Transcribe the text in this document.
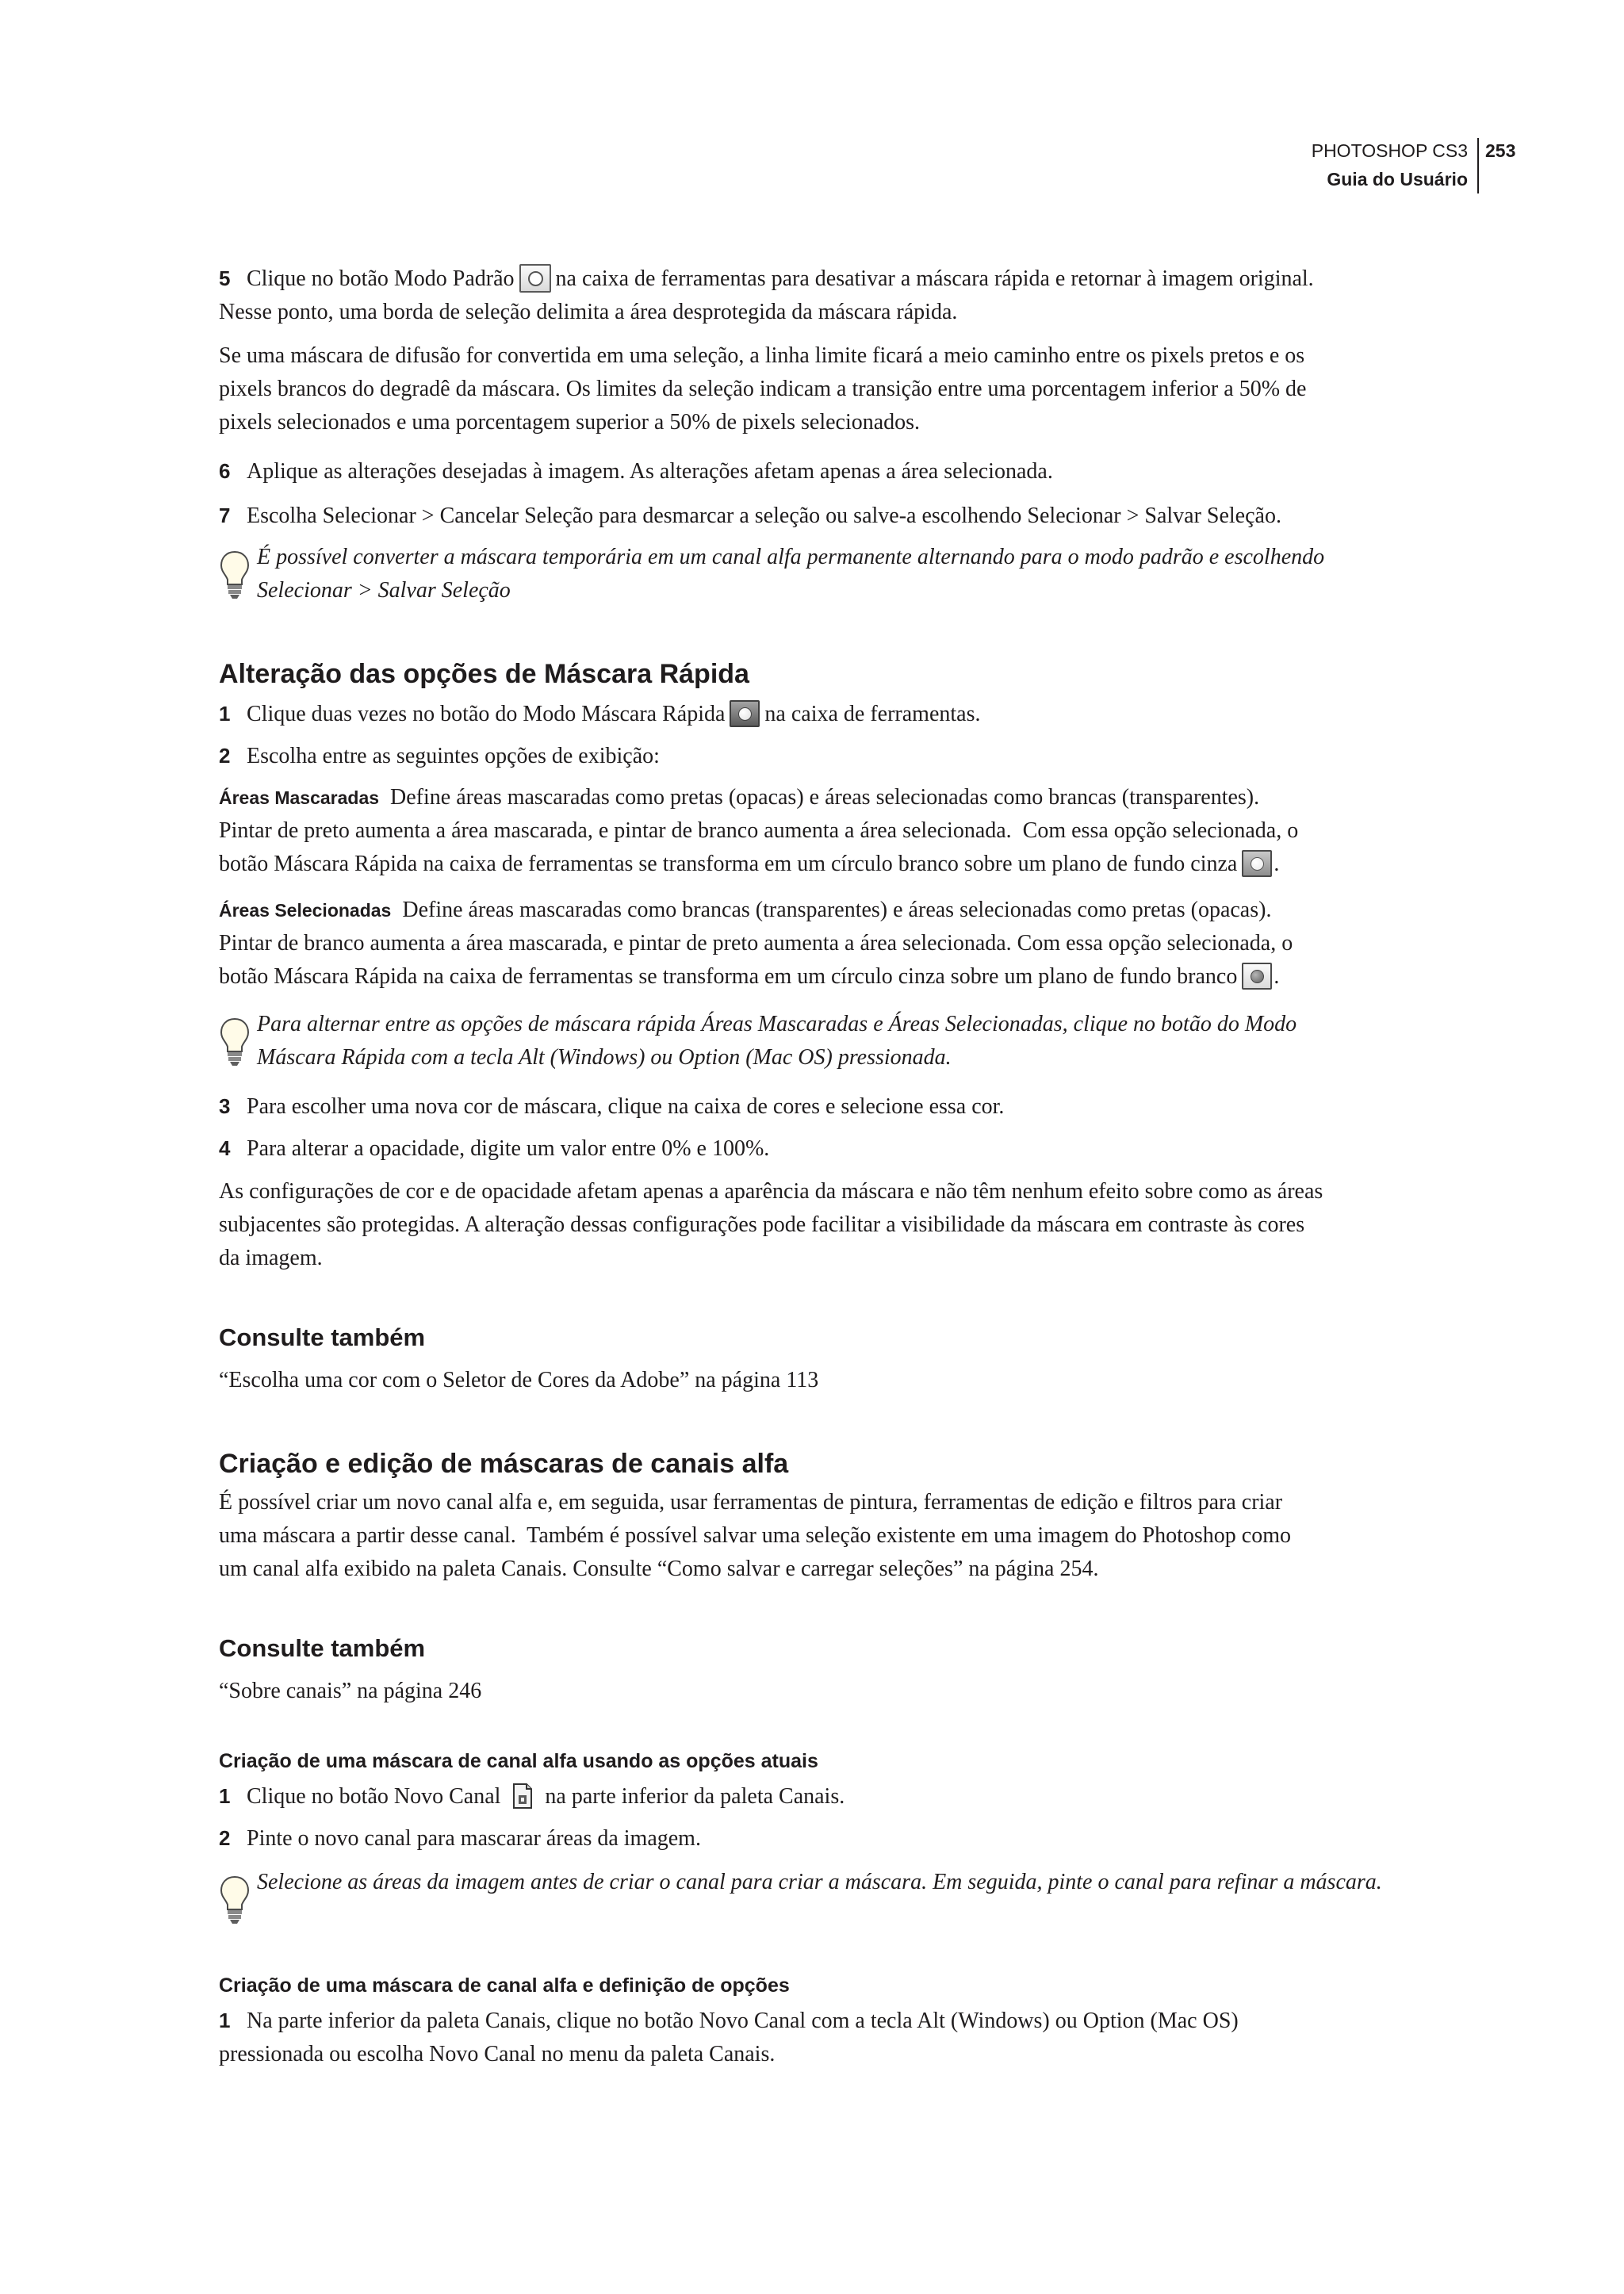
PHOTOSHOP CS3
Guia do Usuário
253
5 Clique no botão Modo Padrão na caixa de ferramentas para desativar a máscara rápida e retornar à imagem original.
Nesse ponto, uma borda de seleção delimita a área desprotegida da máscara rápida.
Se uma máscara de difusão for convertida em uma seleção, a linha limite ficará a meio caminho entre os pixels pretos e os
pixels brancos do degradê da máscara. Os limites da seleção indicam a transição entre uma porcentagem inferior a 50% de
pixels selecionados e uma porcentagem superior a 50% de pixels selecionados.
6 Aplique as alterações desejadas à imagem. As alterações afetam apenas a área selecionada.
7 Escolha Selecionar > Cancelar Seleção para desmarcar a seleção ou salve-a escolhendo Selecionar > Salvar Seleção.
É possível converter a máscara temporária em um canal alfa permanente alternando para o modo padrão e escolhendo
Selecionar > Salvar Seleção
Alteração das opções de Máscara Rápida
1 Clique duas vezes no botão do Modo Máscara Rápida na caixa de ferramentas.
2 Escolha entre as seguintes opções de exibição:
Áreas Mascaradas Define áreas mascaradas como pretas (opacas) e áreas selecionadas como brancas (transparentes).
Pintar de preto aumenta a área mascarada, e pintar de branco aumenta a área selecionada.  Com essa opção selecionada, o
botão Máscara Rápida na caixa de ferramentas se transforma em um círculo branco sobre um plano de fundo cinza .
Áreas Selecionadas Define áreas mascaradas como brancas (transparentes) e áreas selecionadas como pretas (opacas).
Pintar de branco aumenta a área mascarada, e pintar de preto aumenta a área selecionada. Com essa opção selecionada, o
botão Máscara Rápida na caixa de ferramentas se transforma em um círculo cinza sobre um plano de fundo branco .
Para alternar entre as opções de máscara rápida Áreas Mascaradas e Áreas Selecionadas, clique no botão do Modo
Máscara Rápida com a tecla Alt (Windows) ou Option (Mac OS) pressionada.
3 Para escolher uma nova cor de máscara, clique na caixa de cores e selecione essa cor.
4 Para alterar a opacidade, digite um valor entre 0% e 100%.
As configurações de cor e de opacidade afetam apenas a aparência da máscara e não têm nenhum efeito sobre como as áreas
subjacentes são protegidas. A alteração dessas configurações pode facilitar a visibilidade da máscara em contraste às cores
da imagem.
Consulte também
“Escolha uma cor com o Seletor de Cores da Adobe” na página 113
Criação e edição de máscaras de canais alfa
É possível criar um novo canal alfa e, em seguida, usar ferramentas de pintura, ferramentas de edição e filtros para criar
uma máscara a partir desse canal.  Também é possível salvar uma seleção existente em uma imagem do Photoshop como
um canal alfa exibido na paleta Canais. Consulte “Como salvar e carregar seleções” na página 254.
Consulte também
“Sobre canais” na página 246
Criação de uma máscara de canal alfa usando as opções atuais
1 Clique no botão Novo Canal na parte inferior da paleta Canais.
2 Pinte o novo canal para mascarar áreas da imagem.
Selecione as áreas da imagem antes de criar o canal para criar a máscara. Em seguida, pinte o canal para refinar a máscara.
Criação de uma máscara de canal alfa e definição de opções
1 Na parte inferior da paleta Canais, clique no botão Novo Canal com a tecla Alt (Windows) ou Option (Mac OS)
pressionada ou escolha Novo Canal no menu da paleta Canais.
